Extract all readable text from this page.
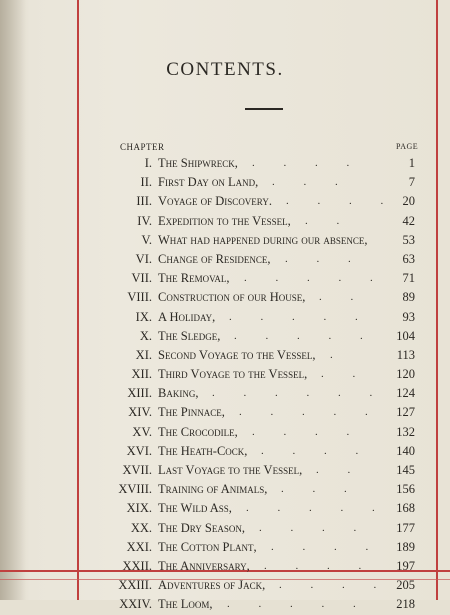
CONTENTS.
CHAPTER	PAGE
I. The Shipwreck, . . . .	1
II. First Day on Land, . . .	7
III. Voyage of Discovery. . . . . 20
IV. Expedition to the Vessel, . .	42
V. What had happened during our absence,	53
VI. Change of Residence, . . .	63
VII. The Removal, . . . . .	71
VIII. Construction of our House, . .	89
IX. A Holiday, . . . . .	93
X. The Sledge, . . . . .	104
XI. Second Voyage to the Vessel, .	113
XII. Third Voyage to the Vessel, . .	120
XIII. Baking, . . . . . . 124
XIV. The Pinnace, . . . . .	127
XV. The Crocodile, . . . .	132
XVI. The Heath-Cock, . . . .	140
XVII. Last Voyage to the Vessel, . .	145
XVIII. Training of Animals, . . .	156
XIX. The Wild Ass, . . . . . 168
XX. The Dry Season, . . . .	177
XXI. The Cotton Plant, . . . .	189
XXII. The Anniversary, . . . .	197
XXIII. Adventures of Jack, . . . . 205
XXIV. The Loom, . . . . .	218
